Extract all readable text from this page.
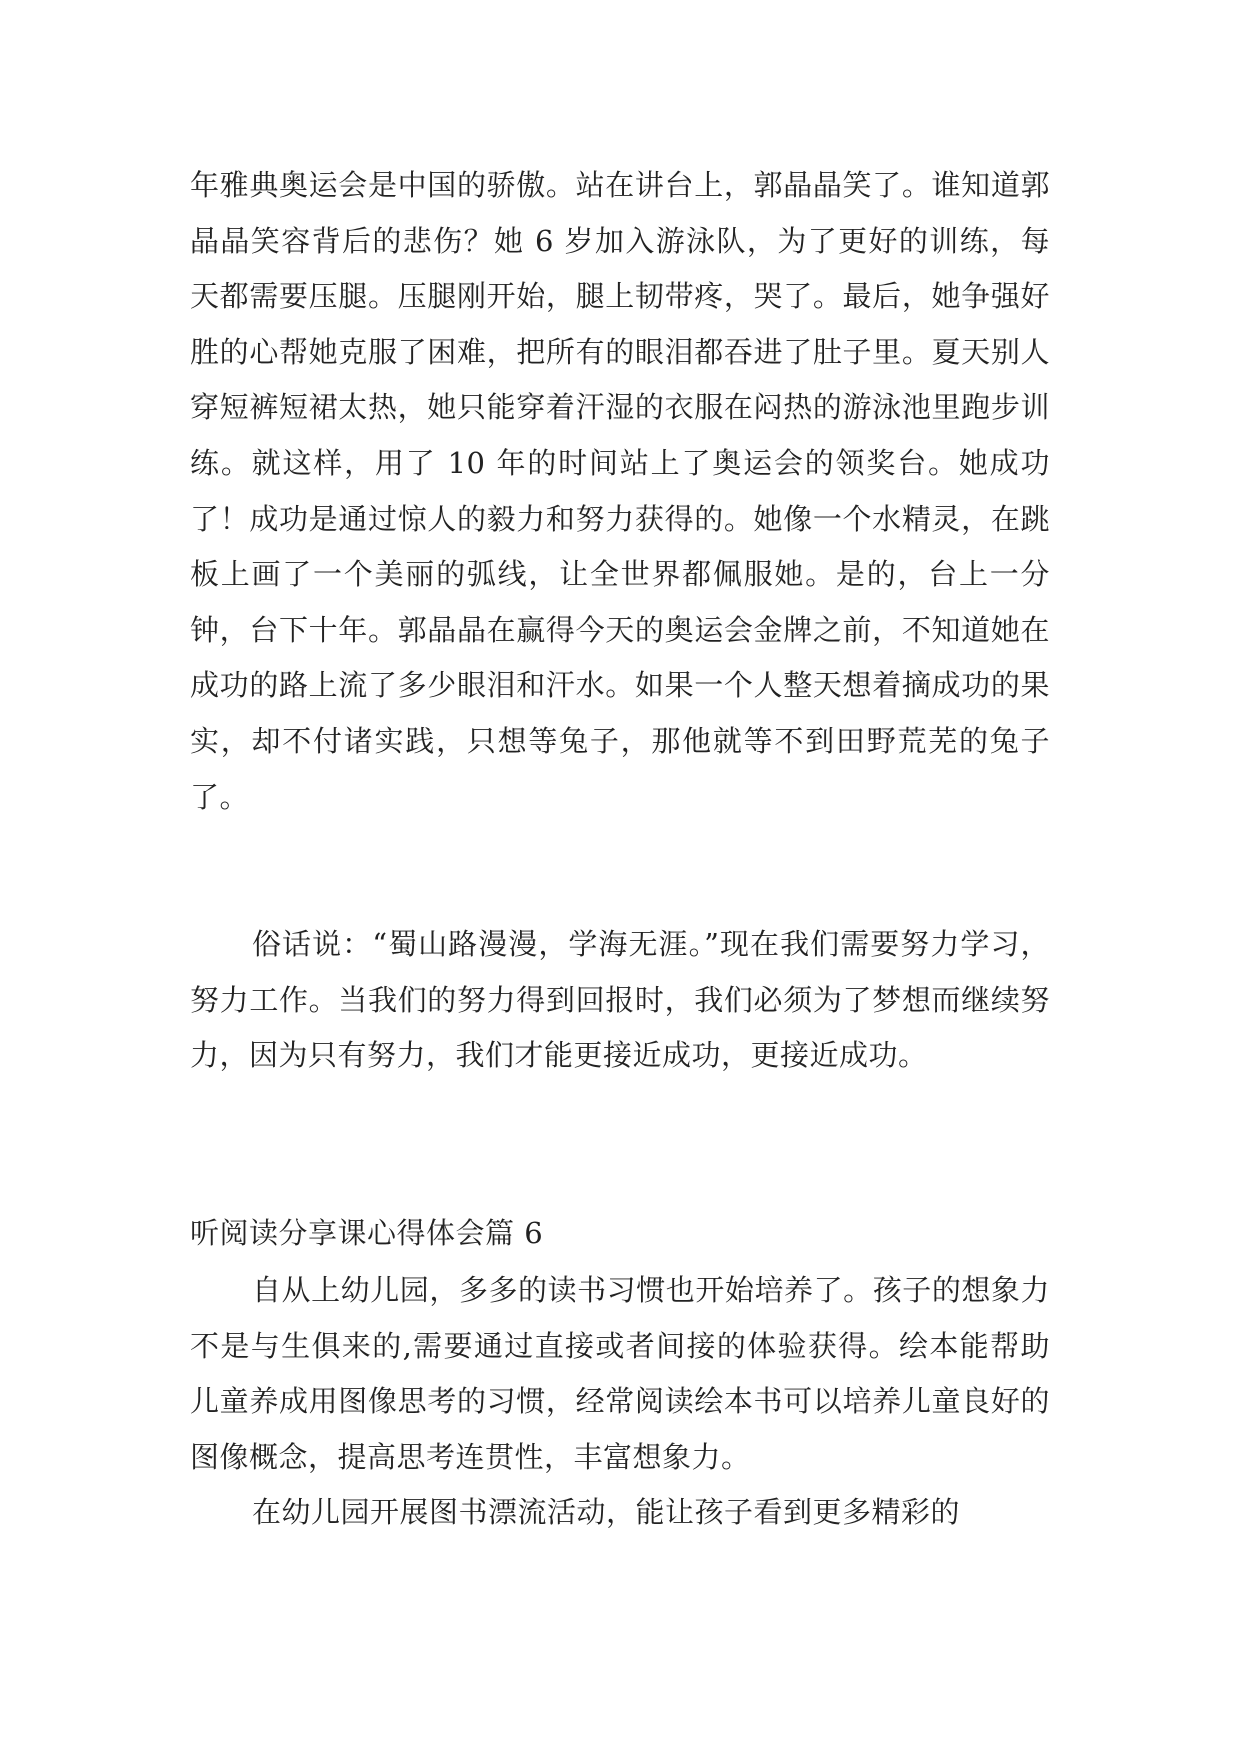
年雅典奥运会是中国的骄傲。站在讲台上，郭晶晶笑了。谁知道郭晶晶笑容背后的悲伤？她 6 岁加入游泳队，为了更好的训练，每天都需要压腿。压腿刚开始，腿上韧带疼，哭了。最后，她争强好胜的心帮她克服了困难，把所有的眼泪都吞进了肚子里。夏天别人穿短裤短裙太热，她只能穿着汗湿的衣服在闷热的游泳池里跑步训练。就这样，用了 10 年的时间站上了奥运会的领奖台。她成功了！成功是通过惊人的毅力和努力获得的。她像一个水精灵，在跳板上画了一个美丽的弧线，让全世界都佩服她。是的，台上一分钟，台下十年。郭晶晶在赢得今天的奥运会金牌之前，不知道她在成功的路上流了多少眼泪和汗水。如果一个人整天想着摘成功的果实，却不付诸实践，只想等兔子，那他就等不到田野荒芜的兔子了。

俗话说：“蜀山路漫漫，学海无涯。”现在我们需要努力学习，努力工作。当我们的努力得到回报时，我们必须为了梦想而继续努力，因为只有努力，我们才能更接近成功，更接近成功。

听阅读分享课心得体会篇 6

自从上幼儿园，多多的读书习惯也开始培养了。孩子的想象力不是与生俱来的,需要通过直接或者间接的体验获得。绘本能帮助儿童养成用图像思考的习惯，经常阅读绘本书可以培养儿童良好的图像概念，提高思考连贯性，丰富想象力。

在幼儿园开展图书漂流活动，能让孩子看到更多精彩的
